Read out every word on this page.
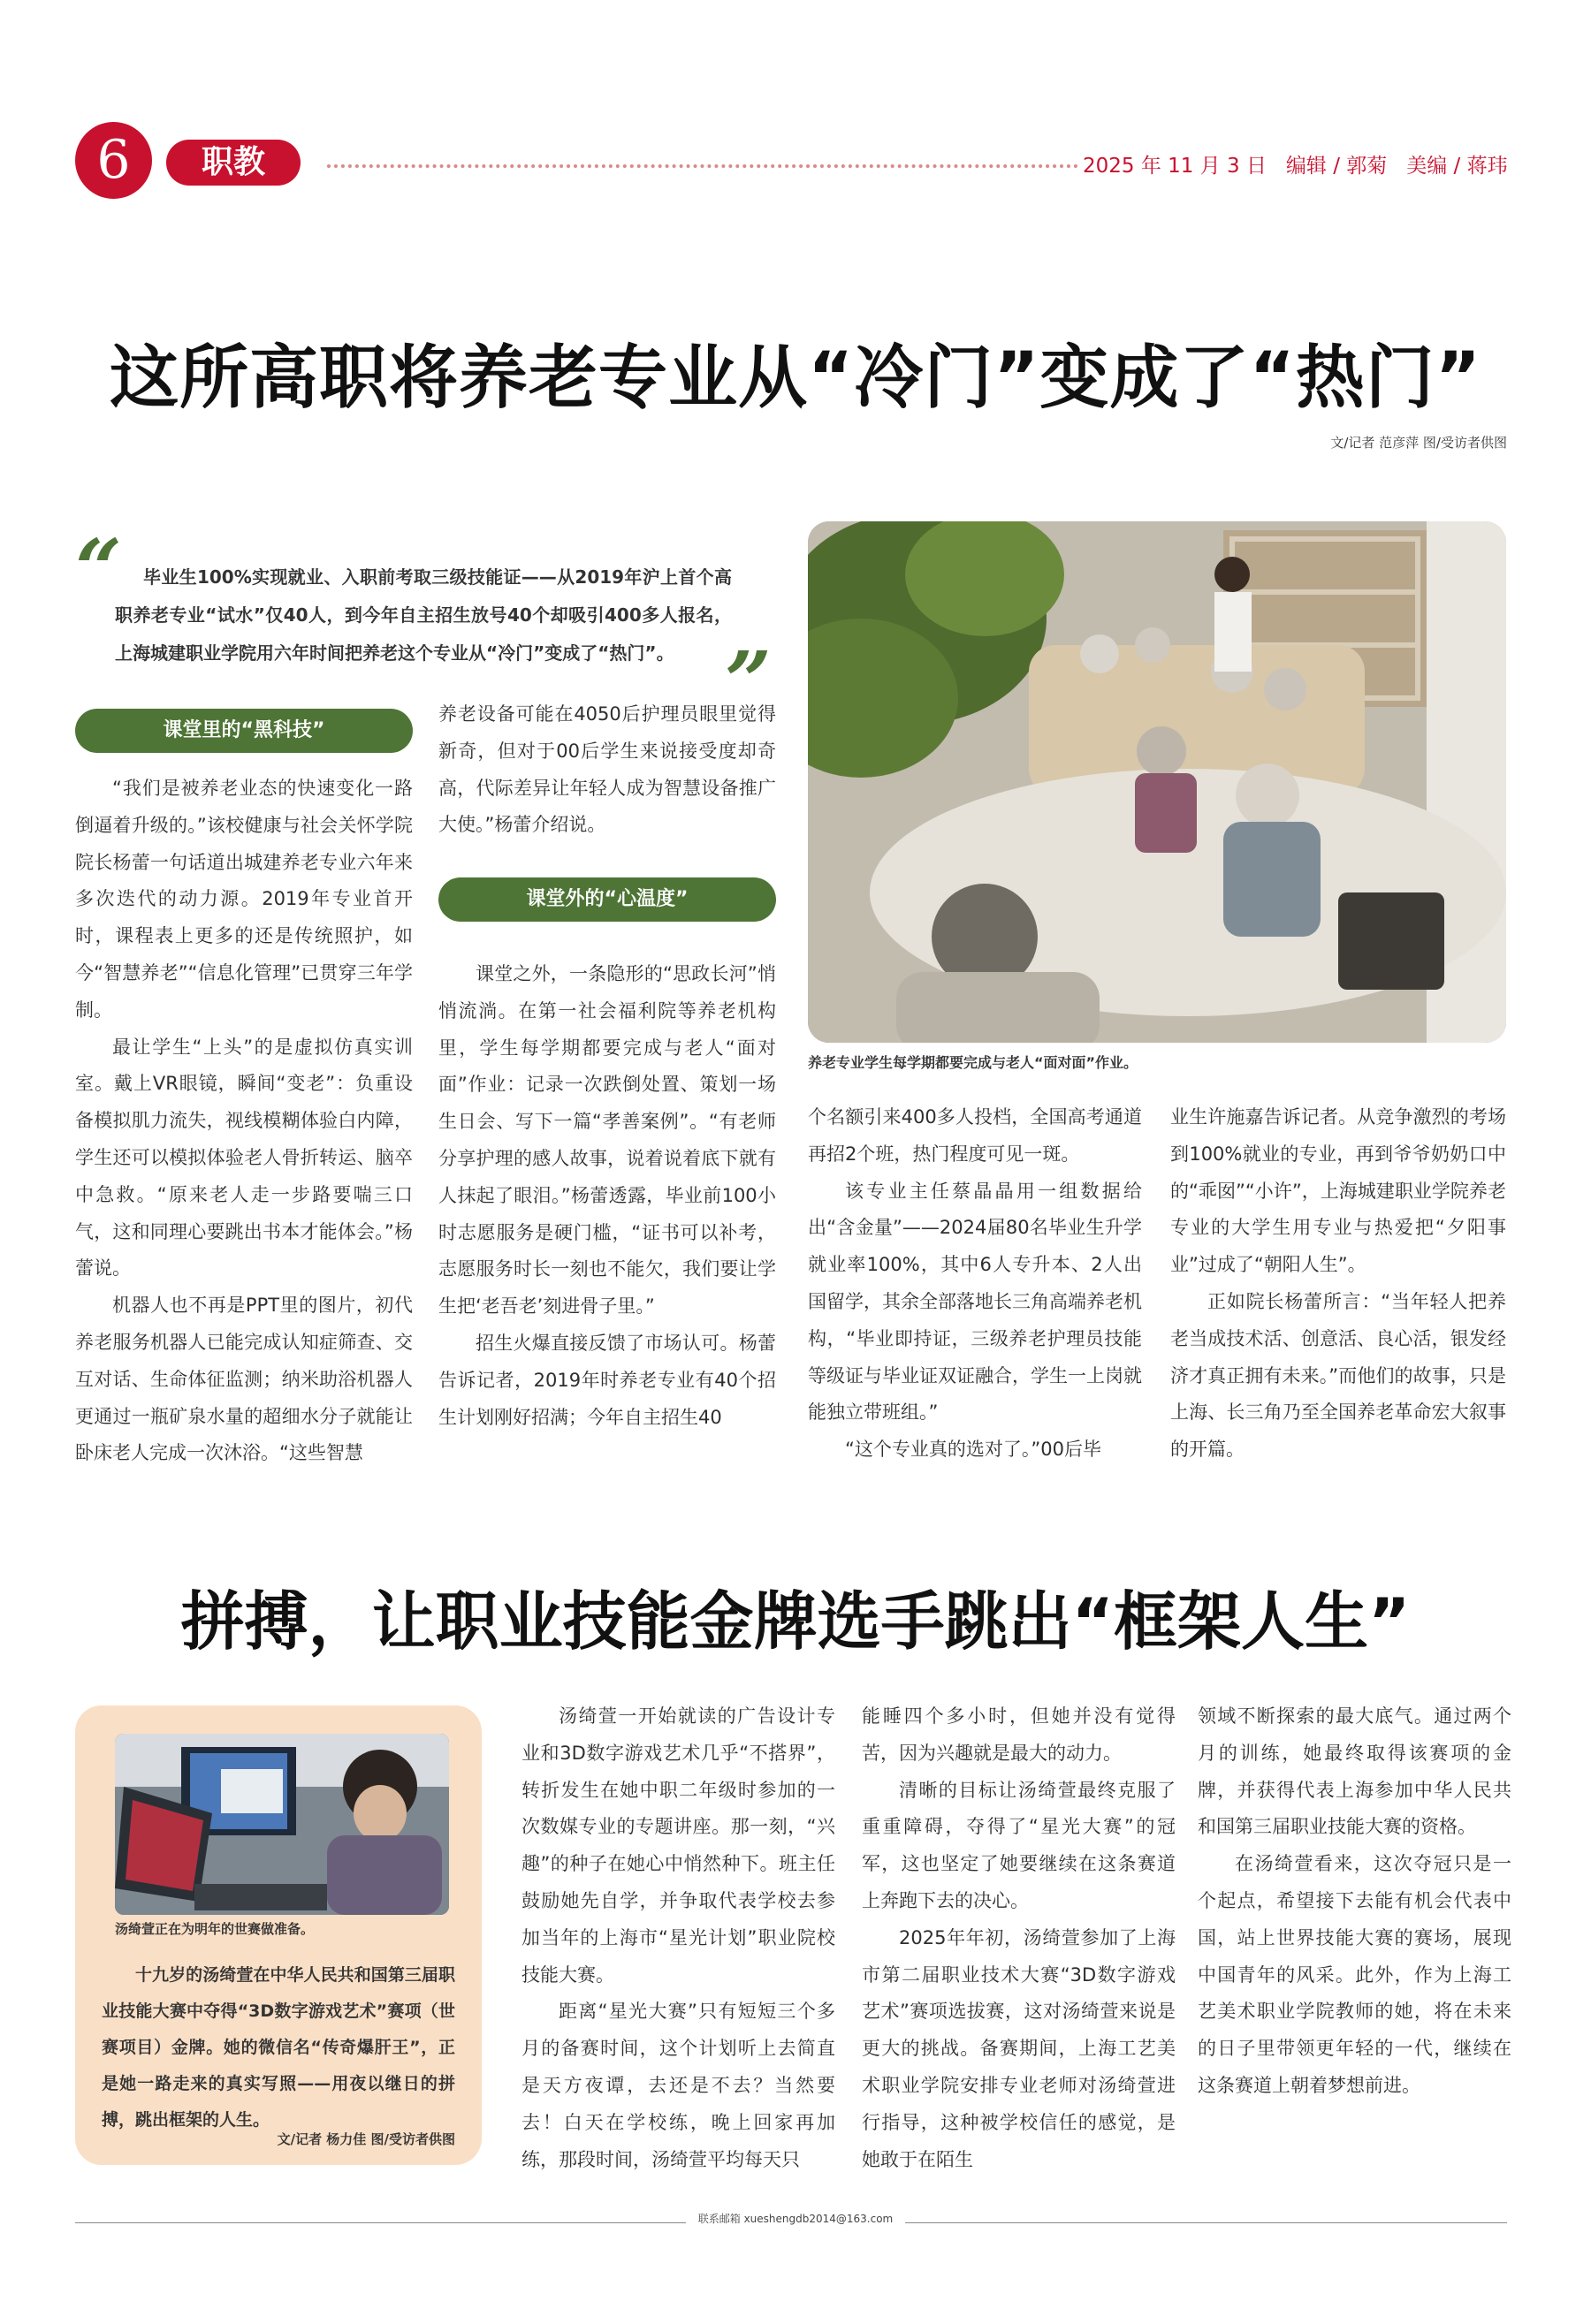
6	职教	2025 年 11 月 3 日   编辑 / 郭菊   美编 / 蒋玮
这所高职将养老专业从“冷门”变成了“热门”
文/记者 范彦萍 图/受访者供图
“	毕业生100%实现就业、入职前考取三级技能证——从2019年沪上首个高职养老专业“试水”仅40人，到今年自主招生放号40个却吸引400多人报名，上海城建职业学院用六年时间把养老这个专业从“冷门”变成了“热门”。 ”
养老专业学生每学期都要完成与老人“面对面”作业。
课堂里的“黑科技”
课堂外的“心温度”

“我们是被养老业态的快速变化一路倒逼着升级的。”该校健康与社会关怀学院院长杨蕾一句话道出城建养老专业六年来多次迭代的动力源。2019年专业首开时，课程表上更多的还是传统照护，如今“智慧养老”“信息化管理”已贯穿三年学制。

最让学生“上头”的是虚拟仿真实训室。戴上VR眼镜，瞬间“变老”：负重设备模拟肌力流失，视线模糊体验白内障，学生还可以模拟体验老人骨折转运、脑卒中急救。“原来老人走一步路要喘三口气，这和同理心要跳出书本才能体会。”杨蕾说。

机器人也不再是PPT里的图片，初代养老服务机器人已能完成认知症筛查、交互对话、生命体征监测；纳米助浴机器人更通过一瓶矿泉水量的超细水分子就能让卧床老人完成一次沐浴。“这些智慧

养老设备可能在4050后护理员眼里觉得新奇，但对于00后学生来说接受度却奇高，代际差异让年轻人成为智慧设备推广大使。”杨蕾介绍说。

课堂之外，一条隐形的“思政长河”悄悄流淌。在第一社会福利院等养老机构里，学生每学期都要完成与老人“面对面”作业：记录一次跌倒处置、策划一场生日会、写下一篇“孝善案例”。“有老师分享护理的感人故事，说着说着底下就有人抹起了眼泪。”杨蕾透露，毕业前100小时志愿服务是硬门槛，“证书可以补考，志愿服务时长一刻也不能欠，我们要让学生把‘老吾老’刻进骨子里。”

招生火爆直接反馈了市场认可。杨蕾告诉记者，2019年时养老专业有40个招生计划刚好招满；今年自主招生40

个名额引来400多人投档，全国高考通道再招2个班，热门程度可见一斑。

该专业主任蔡晶晶用一组数据给出“含金量”——2024届80名毕业生升学就业率100%，其中6人专升本、2人出国留学，其余全部落地长三角高端养老机构，“毕业即持证，三级养老护理员技能等级证与毕业证双证融合，学生一上岗就能独立带班组。”

“这个专业真的选对了。”00后毕

业生许施嘉告诉记者。从竞争激烈的考场到100%就业的专业，再到爷爷奶奶口中的“乖囡”“小许”，上海城建职业学院养老专业的大学生用专业与热爱把“夕阳事业”过成了“朝阳人生”。

正如院长杨蕾所言：“当年轻人把养老当成技术活、创意活、良心活，银发经济才真正拥有未来。”而他们的故事，只是上海、长三角乃至全国养老革命宏大叙事的开篇。

拼搏，让职业技能金牌选手跳出“框架人生”
汤绮萱正在为明年的世赛做准备。
十九岁的汤绮萱在中华人民共和国第三届职业技能大赛中夺得“3D数字游戏艺术”赛项（世赛项目）金牌。她的微信名“传奇爆肝王”，正是她一路走来的真实写照——用夜以继日的拼搏，跳出框架的人生。
文/记者 杨力佳 图/受访者供图

汤绮萱一开始就读的广告设计专业和3D数字游戏艺术几乎“不搭界”，转折发生在她中职二年级时参加的一次数媒专业的专题讲座。那一刻，“兴趣”的种子在她心中悄然种下。班主任鼓励她先自学，并争取代表学校去参加当年的上海市“星光计划”职业院校技能大赛。

距离“星光大赛”只有短短三个多月的备赛时间，这个计划听上去简直是天方夜谭，去还是不去？当然要去！白天在学校练，晚上回家再加练，那段时间，汤绮萱平均每天只

能睡四个多小时，但她并没有觉得苦，因为兴趣就是最大的动力。

清晰的目标让汤绮萱最终克服了重重障碍，夺得了“星光大赛”的冠军，这也坚定了她要继续在这条赛道上奔跑下去的决心。

2025年年初，汤绮萱参加了上海市第二届职业技术大赛“3D数字游戏艺术”赛项选拔赛，这对汤绮萱来说是更大的挑战。备赛期间，上海工艺美术职业学院安排专业老师对汤绮萱进行指导，这种被学校信任的感觉，是她敢于在陌生

领域不断探索的最大底气。通过两个月的训练，她最终取得该赛项的金牌，并获得代表上海参加中华人民共和国第三届职业技能大赛的资格。

在汤绮萱看来，这次夺冠只是一个起点，希望接下去能有机会代表中国，站上世界技能大赛的赛场，展现中国青年的风采。此外，作为上海工艺美术职业学院教师的她，将在未来的日子里带领更年轻的一代，继续在这条赛道上朝着梦想前进。

联系邮箱 xueshengdb2014@163.com
